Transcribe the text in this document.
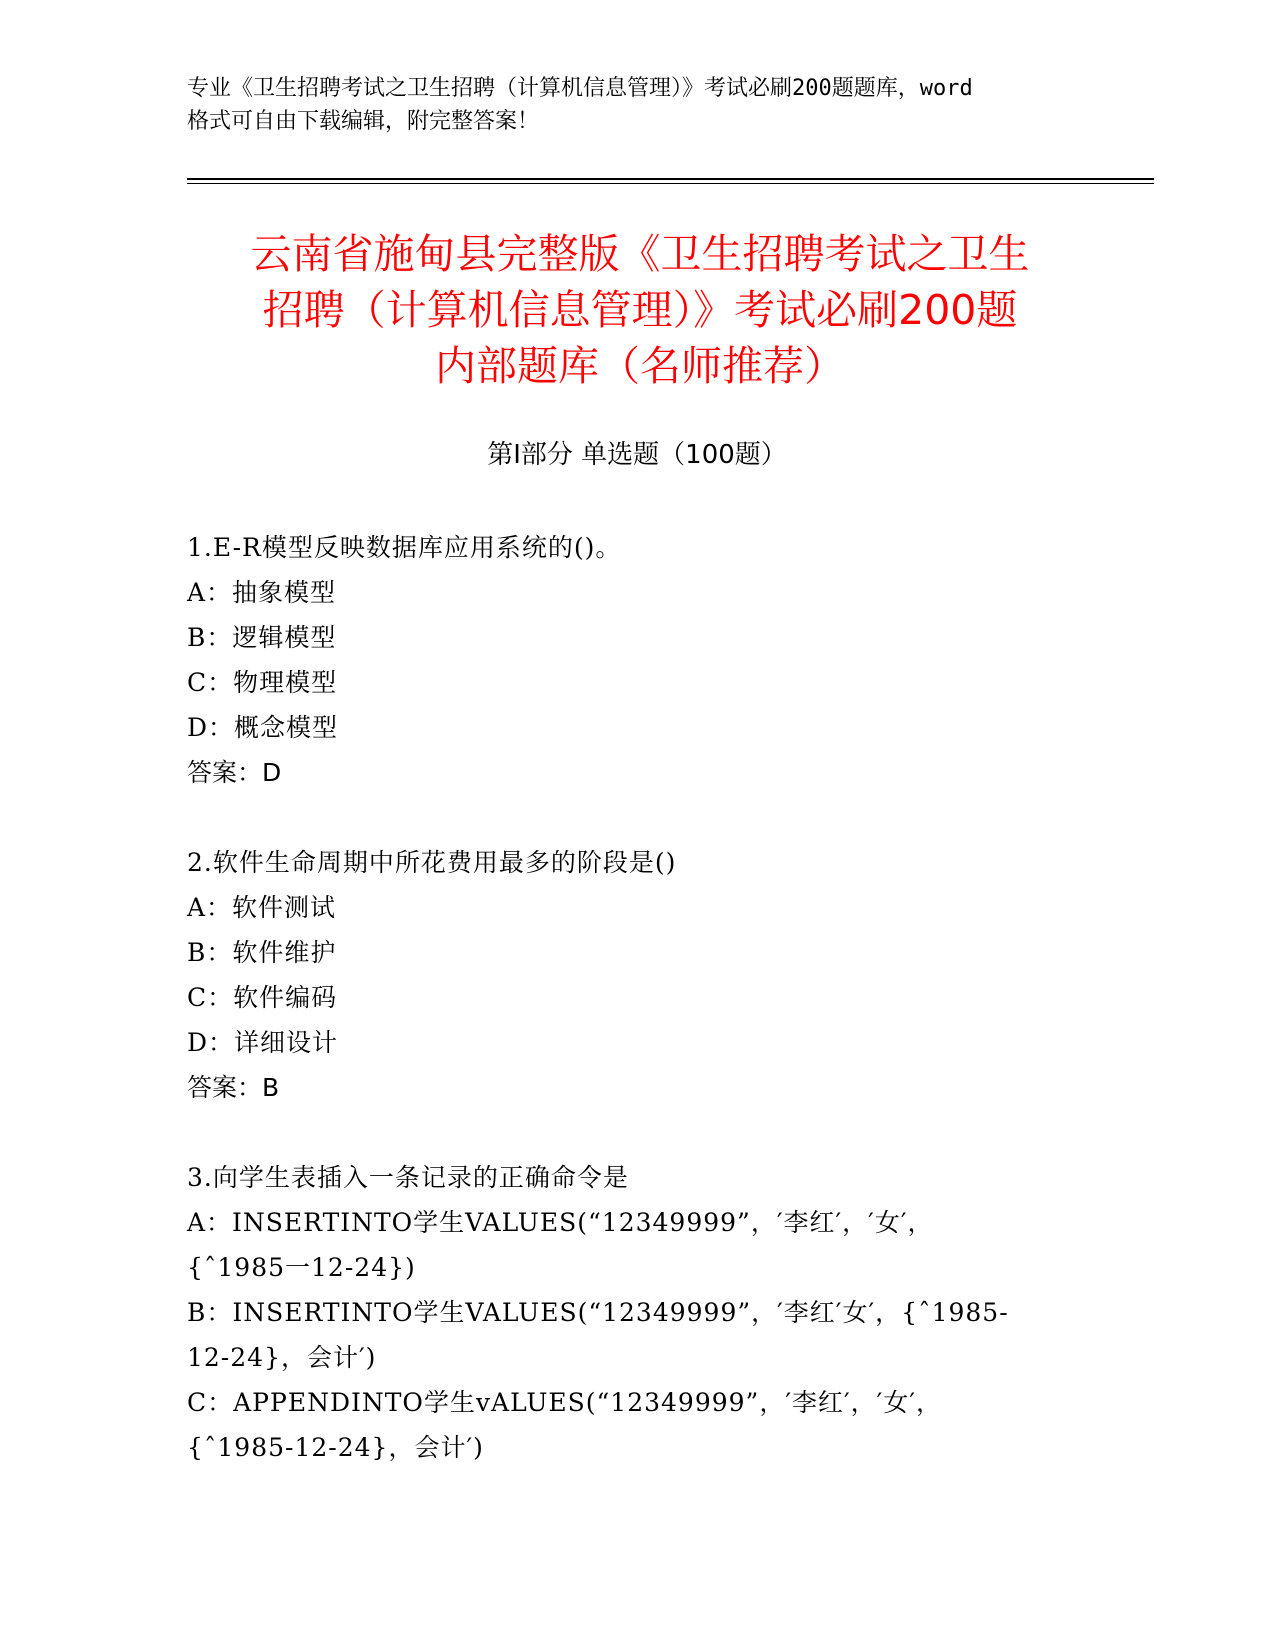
专业《卫生招聘考试之卫生招聘（计算机信息管理）》考试必刷200题题库，word
格式可自由下载编辑，附完整答案！
云南省施甸县完整版《卫生招聘考试之卫生
招聘（计算机信息管理）》考试必刷200题
内部题库（名师推荐）
第Ⅰ部分 单选题（100题）
1.E-R模型反映数据库应用系统的()。
A：抽象模型
B：逻辑模型
C：物理模型
D：概念模型
答案：D
2.软件生命周期中所花费用最多的阶段是()
A：软件测试
B：软件维护
C：软件编码
D：详细设计
答案：B
3.向学生表插入一条记录的正确命令是
A：INSERTINTO学生VALUES(“12349999”，′李红′，′女′，
{ˆ1985一12-24})
B：INSERTINTO学生VALUES(“12349999”，′李红′女′，{ˆ1985-
12-24}，会计′)
C：APPENDINTO学生vALUES(“12349999”，′李红′，′女′，
{ˆ1985-12-24}，会计′)
